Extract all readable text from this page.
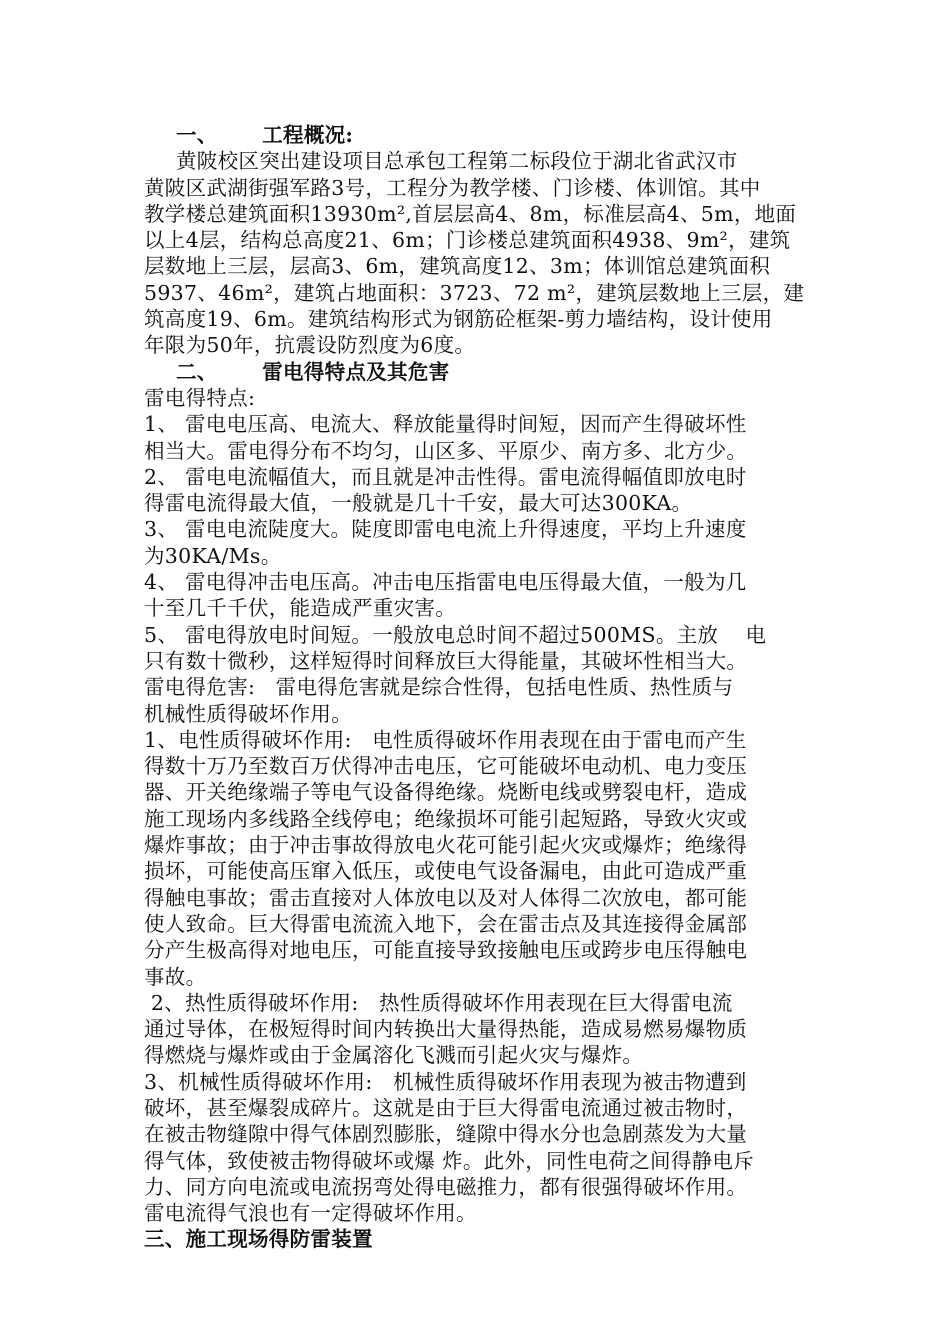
一、      工程概况:
黄陂校区突出建设项目总承包工程第二标段位于湖北省武汉市
黄陂区武湖街强军路3号，工程分为教学楼、门诊楼、体训馆。其中
教学楼总建筑面积13930m²,首层层高4、8m，标准层高4、5m，地面
以上4层，结构总高度21、6m；门诊楼总建筑面积4938、9m²，建筑
层数地上三层，层高3、6m，建筑高度12、3m；体训馆总建筑面积
5937、46m²，建筑占地面积：3723、72 m²，建筑层数地上三层，建
筑高度19、6m。建筑结构形式为钢筋砼框架-剪力墙结构，设计使用
年限为50年，抗震设防烈度为6度。
二、      雷电得特点及其危害
雷电得特点:
1、 雷电电压高、电流大、释放能量得时间短，因而产生得破坏性
相当大。雷电得分布不均匀，山区多、平原少、南方多、北方少。
2、 雷电电流幅值大，而且就是冲击性得。雷电流得幅值即放电时
得雷电流得最大值，一般就是几十千安，最大可达300KA。
3、 雷电电流陡度大。陡度即雷电电流上升得速度，平均上升速度
为30KA/Ms。
4、 雷电得冲击电压高。冲击电压指雷电电压得最大值，一般为几
十至几千千伏，能造成严重灾害。
5、 雷电得放电时间短。一般放电总时间不超过500MS。主放    电
只有数十微秒，这样短得时间释放巨大得能量，其破坏性相当大。
雷电得危害:   雷电得危害就是综合性得，包括电性质、热性质与
机械性质得破坏作用。
1、电性质得破坏作用:   电性质得破坏作用表现在由于雷电而产生
得数十万乃至数百万伏得冲击电压，它可能破坏电动机、电力变压
器、开关绝缘端子等电气设备得绝缘。烧断电线或劈裂电杆，造成
施工现场内多线路全线停电；绝缘损坏可能引起短路，导致火灾或
爆炸事故；由于冲击事故得放电火花可能引起火灾或爆炸；绝缘得
损坏，可能使高压窜入低压，或使电气设备漏电，由此可造成严重
得触电事故；雷击直接对人体放电以及对人体得二次放电，都可能
使人致命。巨大得雷电流流入地下，会在雷击点及其连接得金属部
分产生极高得对地电压，可能直接导致接触电压或跨步电压得触电
事故。
2、热性质得破坏作用:   热性质得破坏作用表现在巨大得雷电流
通过导体，在极短得时间内转换出大量得热能，造成易燃易爆物质
得燃烧与爆炸或由于金属溶化飞溅而引起火灾与爆炸。
3、机械性质得破坏作用:   机械性质得破坏作用表现为被击物遭到
破坏，甚至爆裂成碎片。这就是由于巨大得雷电流通过被击物时，
在被击物缝隙中得气体剧烈膨胀，缝隙中得水分也急剧蒸发为大量
得气体，致使被击物得破坏或爆 炸。此外，同性电荷之间得静电斥
力、同方向电流或电流拐弯处得电磁推力，都有很强得破坏作用。
雷电流得气浪也有一定得破坏作用。
三、施工现场得防雷装置
